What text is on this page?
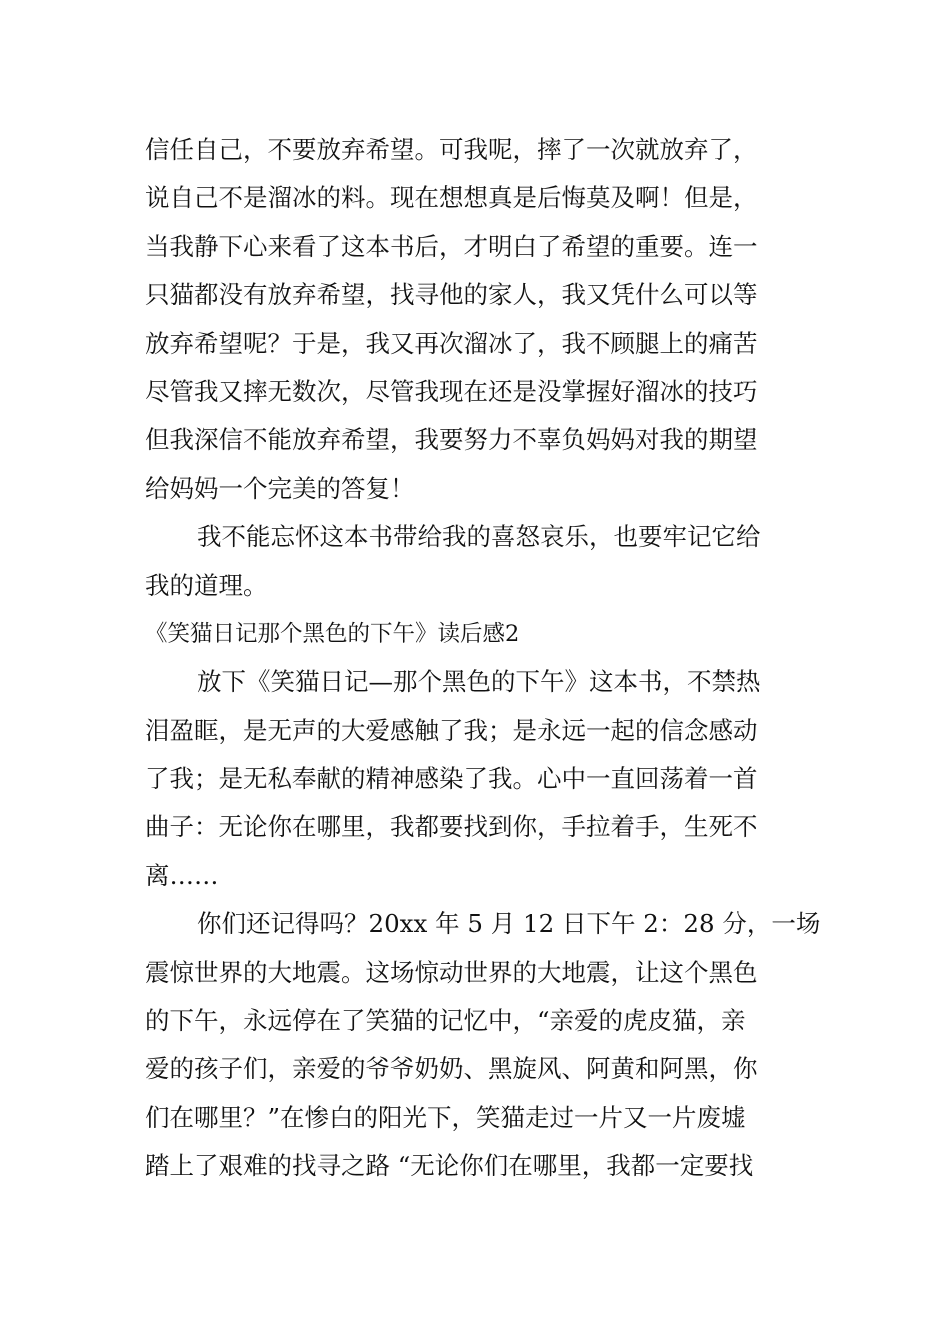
信任自己，不要放弃希望。可我呢，摔了一次就放弃了，
说自己不是溜冰的料。现在想想真是后悔莫及啊！但是，
当我静下心来看了这本书后，才明白了希望的重要。连一
只猫都没有放弃希望，找寻他的家人，我又凭什么可以等
放弃希望呢？于是，我又再次溜冰了，我不顾腿上的痛苦
尽管我又摔无数次，尽管我现在还是没掌握好溜冰的技巧
但我深信不能放弃希望，我要努力不辜负妈妈对我的期望
给妈妈一个完美的答复！
我不能忘怀这本书带给我的喜怒哀乐，也要牢记它给
我的道理。
《笑猫日记那个黑色的下午》读后感2
放下《笑猫日记—那个黑色的下午》这本书，不禁热
泪盈眶，是无声的大爱感触了我；是永远一起的信念感动
了我；是无私奉献的精神感染了我。心中一直回荡着一首
曲子：无论你在哪里，我都要找到你，手拉着手，生死不
离……
你们还记得吗？20xx 年 5 月 12 日下午 2：28 分，一场
震惊世界的大地震。这场惊动世界的大地震，让这个黑色
的下午，永远停在了笑猫的记忆中，“亲爱的虎皮猫，亲
爱的孩子们，亲爱的爷爷奶奶、黑旋风、阿黄和阿黑，你
们在哪里？”在惨白的阳光下，笑猫走过一片又一片废墟
踏上了艰难的找寻之路 “无论你们在哪里，我都一定要找
